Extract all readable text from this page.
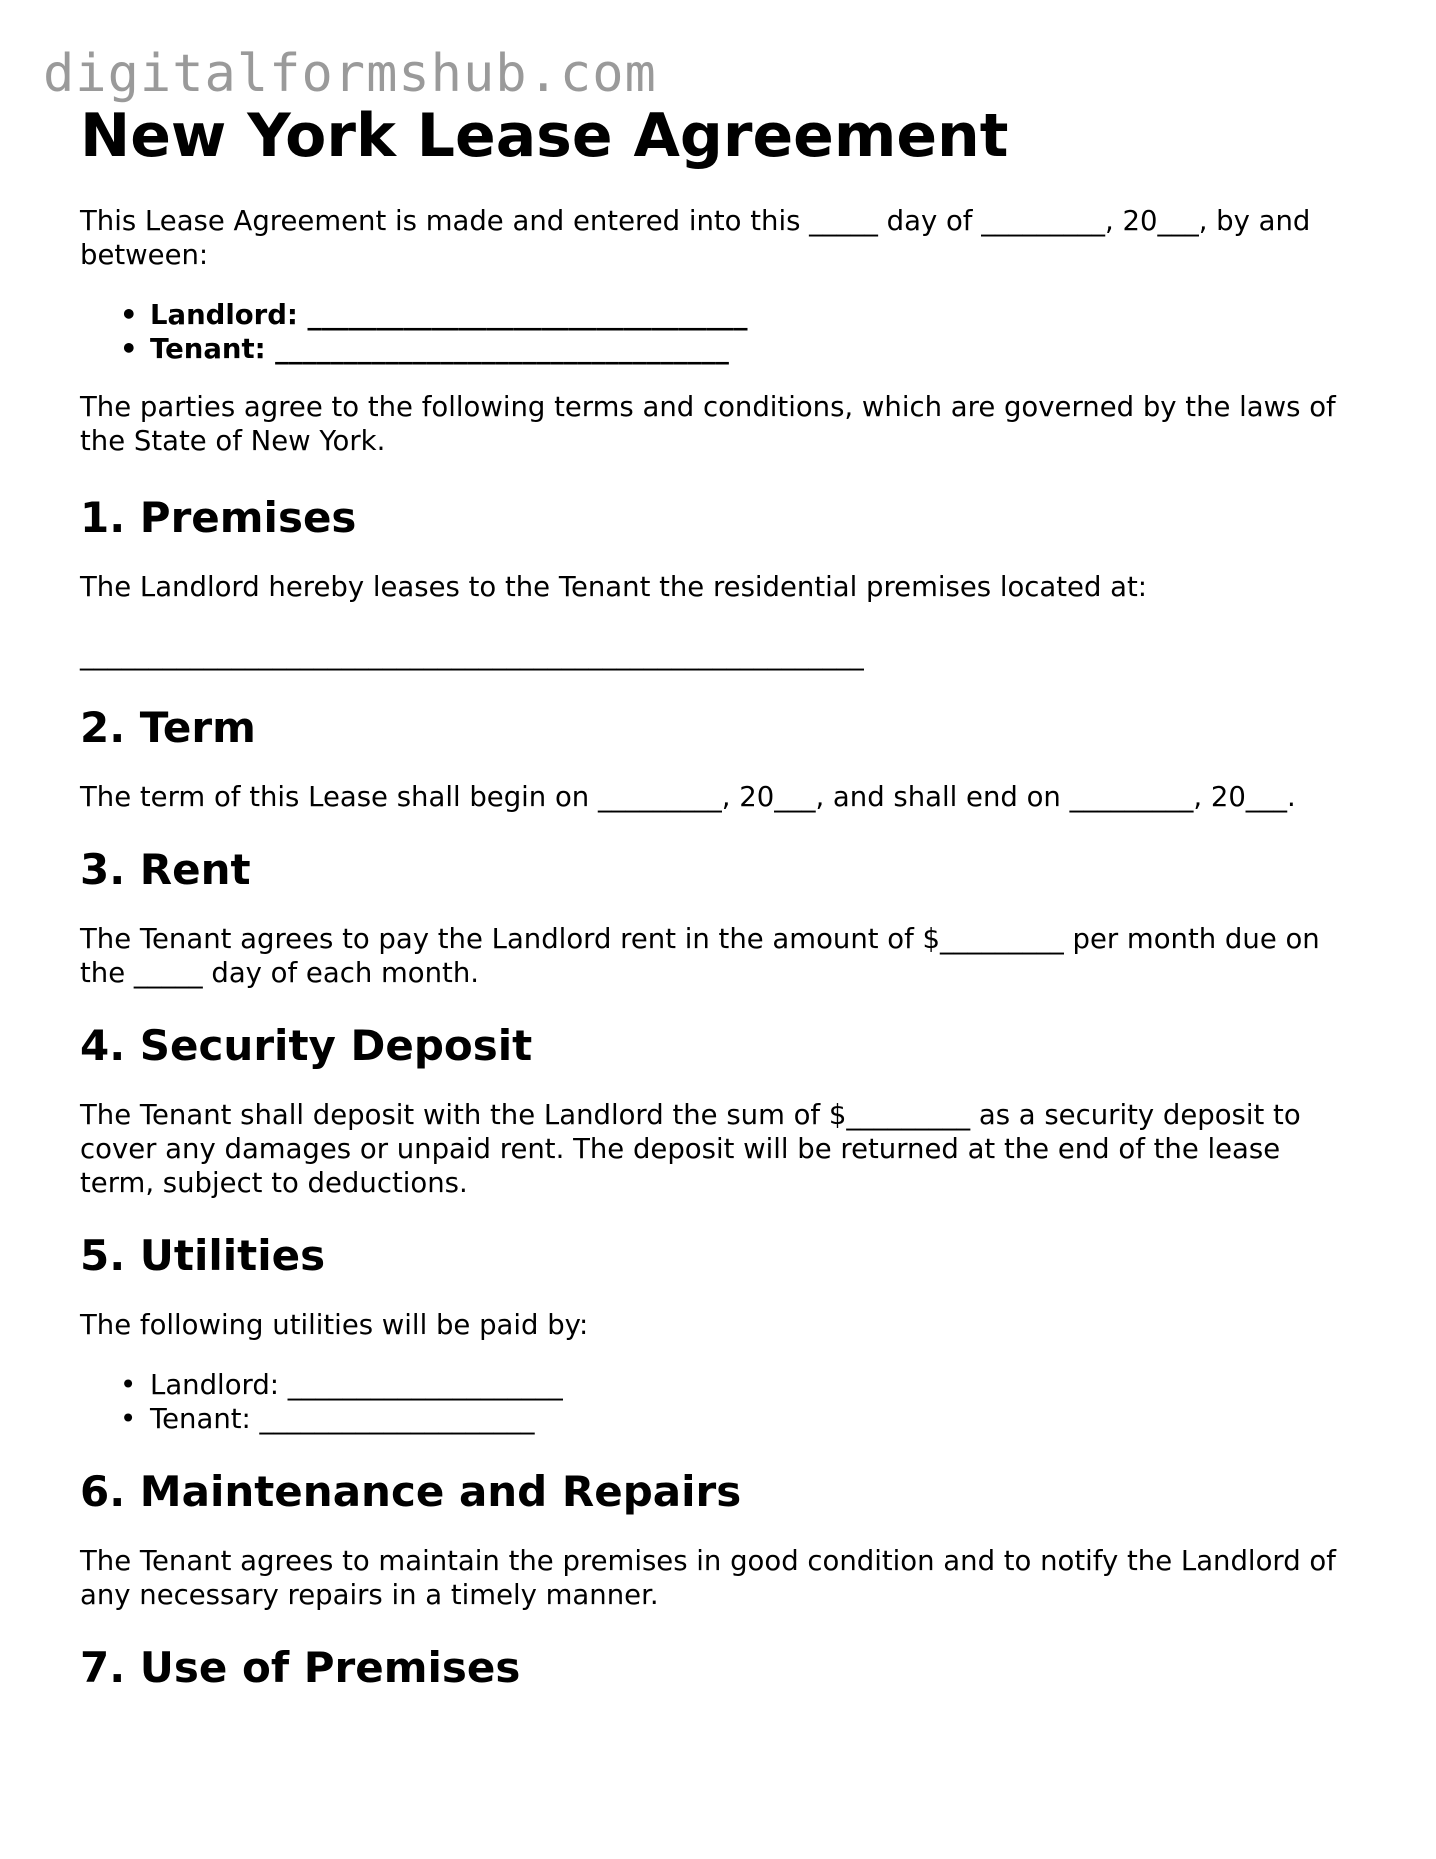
digitalformshub.com
New York Lease Agreement

This Lease Agreement is made and entered into this _____ day of _________, 20___, by and between:

• Landlord: ________________________________
• Tenant: _________________________________

The parties agree to the following terms and conditions, which are governed by the laws of the State of New York.

1. Premises

The Landlord hereby leases to the Tenant the residential premises located at:

_________________________________________________________

2. Term

The term of this Lease shall begin on _________, 20___, and shall end on _________, 20___.

3. Rent

The Tenant agrees to pay the Landlord rent in the amount of $_________ per month due on the _____ day of each month.

4. Security Deposit

The Tenant shall deposit with the Landlord the sum of $_________ as a security deposit to cover any damages or unpaid rent. The deposit will be returned at the end of the lease term, subject to deductions.

5. Utilities

The following utilities will be paid by:

• Landlord: ____________________
• Tenant: ____________________
6. Maintenance and Repairs

The Tenant agrees to maintain the premises in good condition and to notify the Landlord of any necessary repairs in a timely manner.

7. Use of Premises
